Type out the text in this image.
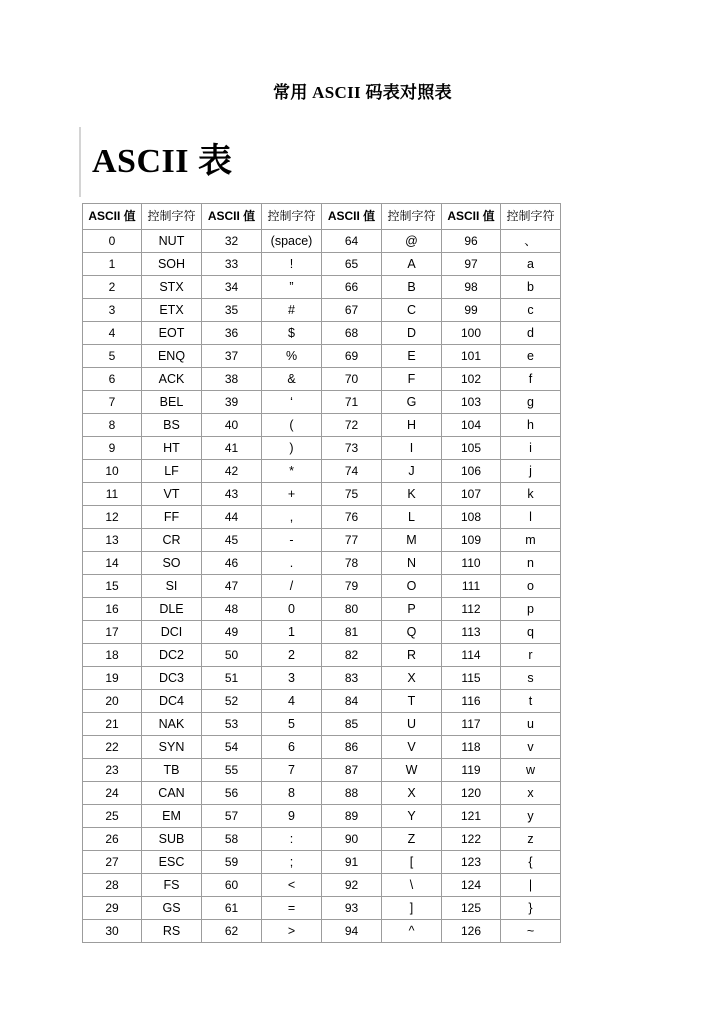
常用 ASCII 码表对照表
ASCII 表
ASCII 值	控制字符	ASCII 值	控制字符	ASCII 值	控制字符	ASCII 值	控制字符
0	NUT	32	(space)	64	@	96	、
1	SOH	33	!	65	A	97	a
2	STX	34	”	66	B	98	b
3	ETX	35	#	67	C	99	c
4	EOT	36	$	68	D	100	d
5	ENQ	37	%	69	E	101	e
6	ACK	38	&	70	F	102	f
7	BEL	39	‘	71	G	103	g
8	BS	40	(	72	H	104	h
9	HT	41	)	73	I	105	i
10	LF	42	*	74	J	106	j
11	VT	43	+	75	K	107	k
12	FF	44	,	76	L	108	l
13	CR	45	-	77	M	109	m
14	SO	46	.	78	N	110	n
15	SI	47	/	79	O	111	o
16	DLE	48	0	80	P	112	p
17	DCI	49	1	81	Q	113	q
18	DC2	50	2	82	R	114	r
19	DC3	51	3	83	X	115	s
20	DC4	52	4	84	T	116	t
21	NAK	53	5	85	U	117	u
22	SYN	54	6	86	V	118	v
23	TB	55	7	87	W	119	w
24	CAN	56	8	88	X	120	x
25	EM	57	9	89	Y	121	y
26	SUB	58	:	90	Z	122	z
27	ESC	59	;	91	[	123	{
28	FS	60	<	92	\	124	|
29	GS	61	=	93	]	125	}
30	RS	62	>	94	^	126	~
